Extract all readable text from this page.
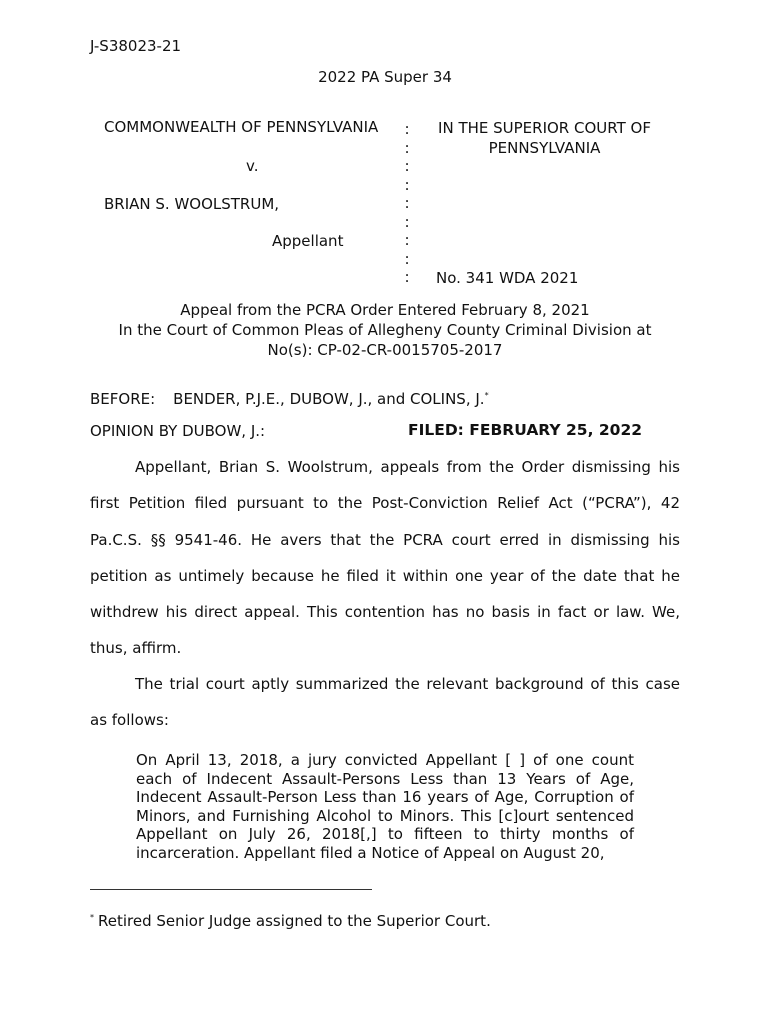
J-S38023-21
2022 PA Super 34
COMMONWEALTH OF PENNSYLVANIA
v.
BRIAN S. WOOLSTRUM,
Appellant
:
:
:
:
:
:
:
:
:
IN THE SUPERIOR COURT OF
PENNSYLVANIA
No. 341 WDA 2021
Appeal from the PCRA Order Entered February 8, 2021
In the Court of Common Pleas of Allegheny County Criminal Division at
No(s): CP-02-CR-0015705-2017
BEFORE: BENDER, P.J.E., DUBOW, J., and COLINS, J.*
OPINION BY DUBOW, J.:	FILED: FEBRUARY 25, 2022
Appellant, Brian S. Woolstrum, appeals from the Order dismissing his first Petition filed pursuant to the Post-Conviction Relief Act (“PCRA”), 42 Pa.C.S. §§ 9541-46. He avers that the PCRA court erred in dismissing his petition as untimely because he filed it within one year of the date that he withdrew his direct appeal. This contention has no basis in fact or law. We, thus, affirm.
The trial court aptly summarized the relevant background of this case as follows:
On April 13, 2018, a jury convicted Appellant [ ] of one count each of Indecent Assault-Persons Less than 13 Years of Age, Indecent Assault-Person Less than 16 years of Age, Corruption of Minors, and Furnishing Alcohol to Minors. This [c]ourt sentenced Appellant on July 26, 2018[,] to fifteen to thirty months of incarceration. Appellant filed a Notice of Appeal on August 20,
* Retired Senior Judge assigned to the Superior Court.
